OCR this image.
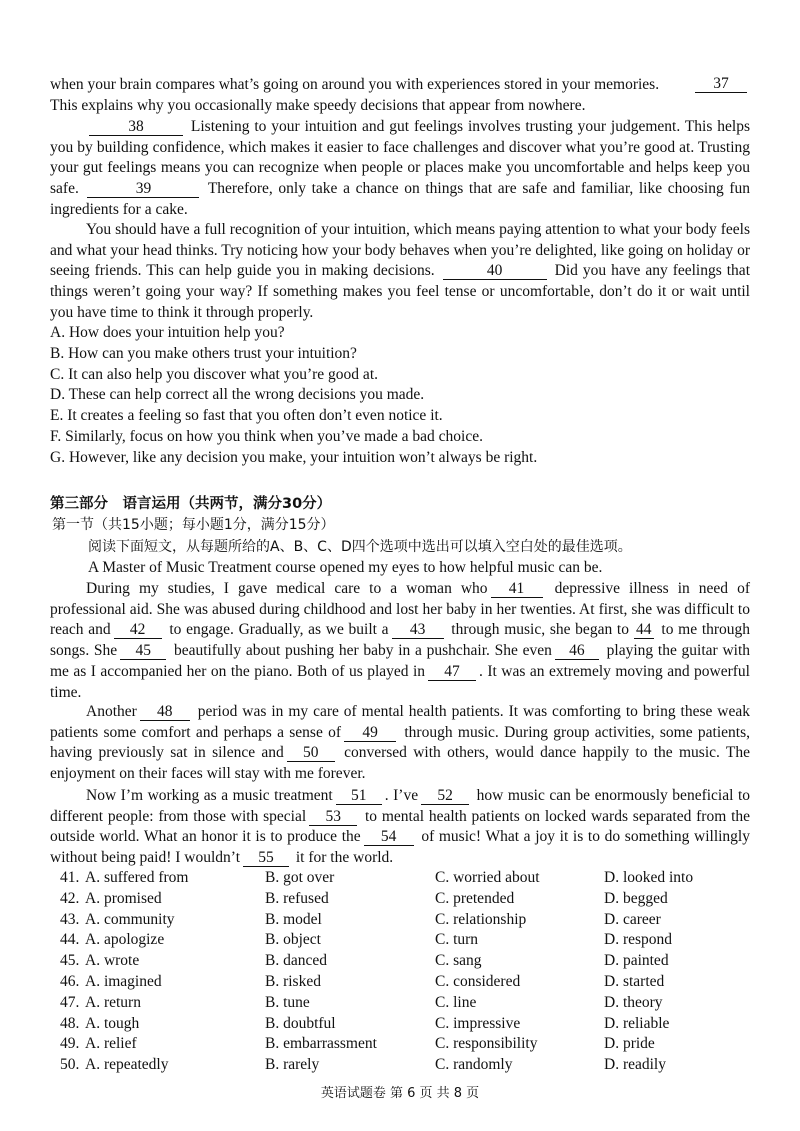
when your brain compares what’s going on around you with experiences stored in your memories.	37
This explains why you occasionally make speedy decisions that appear from nowhere.

38	Listening to your intuition and gut feelings involves trusting your judgement. This helps you by building confidence, which makes it easier to face challenges and discover what you’re good at. Trusting your gut feelings means you can recognize when people or places make you uncomfortable and helps keep you safe.	39	Therefore, only take a chance on things that are safe and familiar, like choosing fun ingredients for a cake.

You should have a full recognition of your intuition, which means paying attention to what your body feels and what your head thinks. Try noticing how your body behaves when you’re delighted, like going on holiday or seeing friends. This can help guide you in making decisions.	40	Did you have any feelings that things weren’t going your way? If something makes you feel tense or uncomfortable, don’t do it or wait until you have time to think it through properly.

A. How does your intuition help you?
B. How can you make others trust your intuition?
C. It can also help you discover what you’re good at.
D. These can help correct all the wrong decisions you made.
E. It creates a feeling so fast that you often don’t even notice it.
F. Similarly, focus on how you think when you’ve made a bad choice.
G. However, like any decision you make, your intuition won’t always be right.
第三部分　语言运用（共两节，满分30分）
第一节（共15小题；每小题1分，满分15分）
阅读下面短文，从每题所给的A、B、C、D四个选项中选出可以填入空白处的最佳选项。
A Master of Music Treatment course opened my eyes to how helpful music can be.

During my studies, I gave medical care to a woman who 41 depressive illness in need of professional aid. She was abused during childhood and lost her baby in her twenties. At first, she was difficult to reach and 42 to engage. Gradually, as we built a 43 through music, she began to 44 to me through songs. She 45 beautifully about pushing her baby in a pushchair. She even 46 playing the guitar with me as I accompanied her on the piano. Both of us played in 47 . It was an extremely moving and powerful time.

Another 48 period was in my care of mental health patients. It was comforting to bring these weak patients some comfort and perhaps a sense of 49 through music. During group activities, some patients, having previously sat in silence and 50 conversed with others, would dance happily to the music. The enjoyment on their faces will stay with me forever.

Now I’m working as a music treatment 51 . I’ve 52 how music can be enormously beneficial to different people: from those with special 53 to mental health patients on locked wards separated from the outside world. What an honor it is to produce the 54 of music! What a joy it is to do something willingly without being paid! I wouldn’t 55 it for the world.

41. A. suffered from	B. got over	C. worried about	D. looked into
42. A. promised	B. refused	C. pretended	D. begged
43. A. community	B. model	C. relationship	D. career
44. A. apologize	B. object	C. turn	D. respond
45. A. wrote	B. danced	C. sang	D. painted
46. A. imagined	B. risked	C. considered	D. started
47. A. return	B. tune	C. line	D. theory
48. A. tough	B. doubtful	C. impressive	D. reliable
49. A. relief	B. embarrassment	C. responsibility	D. pride
50. A. repeatedly	B. rarely	C. randomly	D. readily
英语试题卷 第 6 页 共 8 页
